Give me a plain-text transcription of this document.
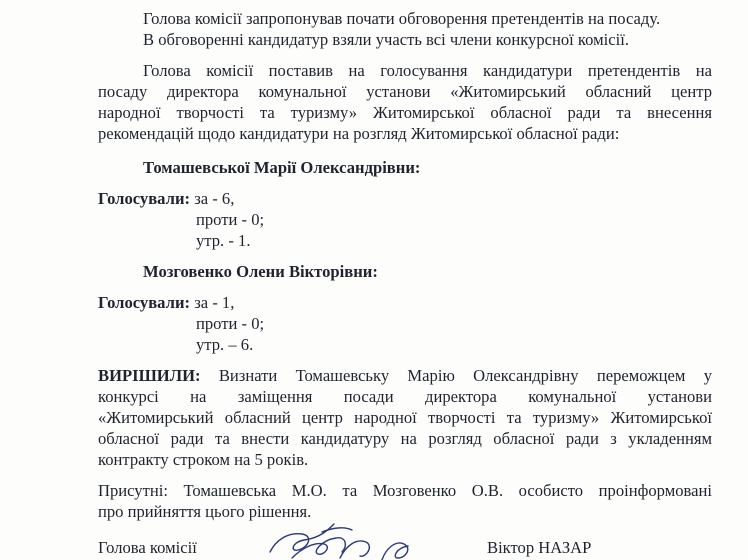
Голова комісії запропонував почати обговорення претендентів на посаду.
В обговоренні кандидатур взяли участь всі члени конкурсної комісії.
Голова комісії поставив на голосування кандидатури претендентів на
посаду директора комунальної установи «Житомирський обласний центр
народної творчості та туризму» Житомирської обласної ради та внесення
рекомендацій щодо кандидатури на розгляд Житомирської обласної ради:
Томашевської Марії Олександрівни:
Голосували: за - 6,
проти - 0;
утр. - 1.
Мозговенко Олени Вікторівни:
Голосували: за - 1,
проти - 0;
утр. – 6.
ВИРІШИЛИ: Визнати Томашевську Марію Олександрівну переможцем у
конкурсі на заміщення посади директора комунальної установи
«Житомирський обласний центр народної творчості та туризму» Житомирської
обласної ради та внести кандидатуру на розгляд обласної ради з укладенням
контракту строком на 5 років.
Присутні: Томашевська М.О. та Мозговенко О.В. особисто проінформовані
про прийняття цього рішення.
Голова комісії	Віктор НАЗАР
